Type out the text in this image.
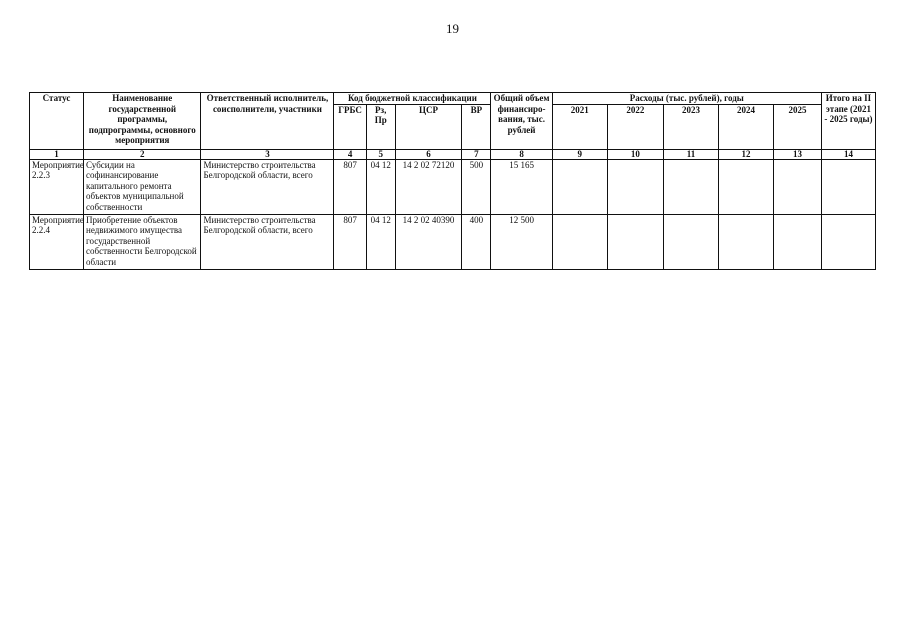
19
Статус	Наименование государственной программы, подпрограммы, основного мероприятия	Ответственный исполнитель, соисполнители, участники	Код бюджетной классификации				Общий объем финансиро-вания, тыс. рублей	Расходы (тыс. рублей), годы					Итого на II этапе (2021 - 2025 годы)
			ГРБС	Рз, Пр	ЦСР	ВР		2021	2022	2023	2024	2025	
1	2	3	4	5	6	7	8	9	10	11	12	13	14
Мероприятие 2.2.3	Субсидии на софинансирование капитального ремонта объектов муниципальной собственности	Министерство строительства Белгородской области, всего	807	04 12	14 2 02 72120	500	15 165						
Мероприятие 2.2.4	Приобретение объектов недвижимого имущества государственной собственности Белгородской области	Министерство строительства Белгородской области, всего	807	04 12	14 2 02 40390	400	12 500						
